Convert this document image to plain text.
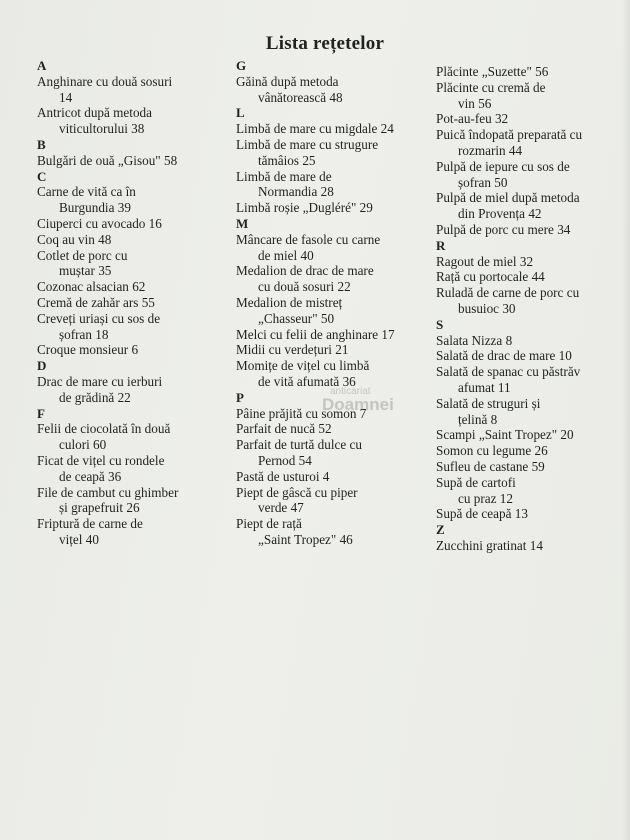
Lista rețetelor
A
Anghinare cu două sosuri
14
Antricot după metoda
viticultorului 38
B
Bulgări de ouă „Gisou" 58
C
Carne de vită ca în
Burgundia 39
Ciuperci cu avocado 16
Coq au vin 48
Cotlet de porc cu
muștar 35
Cozonac alsacian 62
Cremă de zahăr ars 55
Creveți uriași cu sos de
șofran 18
Croque monsieur 6
D
Drac de mare cu ierburi
de grădină 22
F
Felii de ciocolată în două
culori 60
Ficat de vițel cu rondele
de ceapă 36
File de cambut cu ghimber
și grapefruit 26
Friptură de carne de
vițel 40
G
Găină după metoda
vânătorească 48
L
Limbă de mare cu migdale 24
Limbă de mare cu strugure
tămâios 25
Limbă de mare de
Normandia 28
Limbă roșie „Dugléré" 29
M
Mâncare de fasole cu carne
de miel 40
Medalion de drac de mare
cu două sosuri 22
Medalion de mistreț
„Chasseur" 50
Melci cu felii de anghinare 17
Midii cu verdețuri 21
Momițe de vițel cu limbă
de vită afumată 36
P
Pâine prăjită cu somon 7
Parfait de nucă 52
Parfait de turtă dulce cu
Pernod 54
Pastă de usturoi 4
Piept de gâscă cu piper
verde 47
Piept de rață
„Saint Tropez" 46
Plăcinte „Suzette" 56
Plăcinte cu cremă de
vin 56
Pot-au-feu 32
Puică îndopată preparată cu
rozmarin 44
Pulpă de iepure cu sos de
șofran 50
Pulpă de miel după metoda
din Provența 42
Pulpă de porc cu mere 34
R
Ragout de miel 32
Rață cu portocale 44
Ruladă de carne de porc cu
busuioc 30
S
Salata Nizza 8
Salată de drac de mare 10
Salată de spanac cu păstrăv
afumat 11
Salată de struguri și
țelină 8
Scampi „Saint Tropez" 20
Somon cu legume 26
Sufleu de castane 59
Supă de cartofi
cu praz 12
Supă de ceapă 13
Z
Zucchini gratinat 14
anticariat
Doamnei
